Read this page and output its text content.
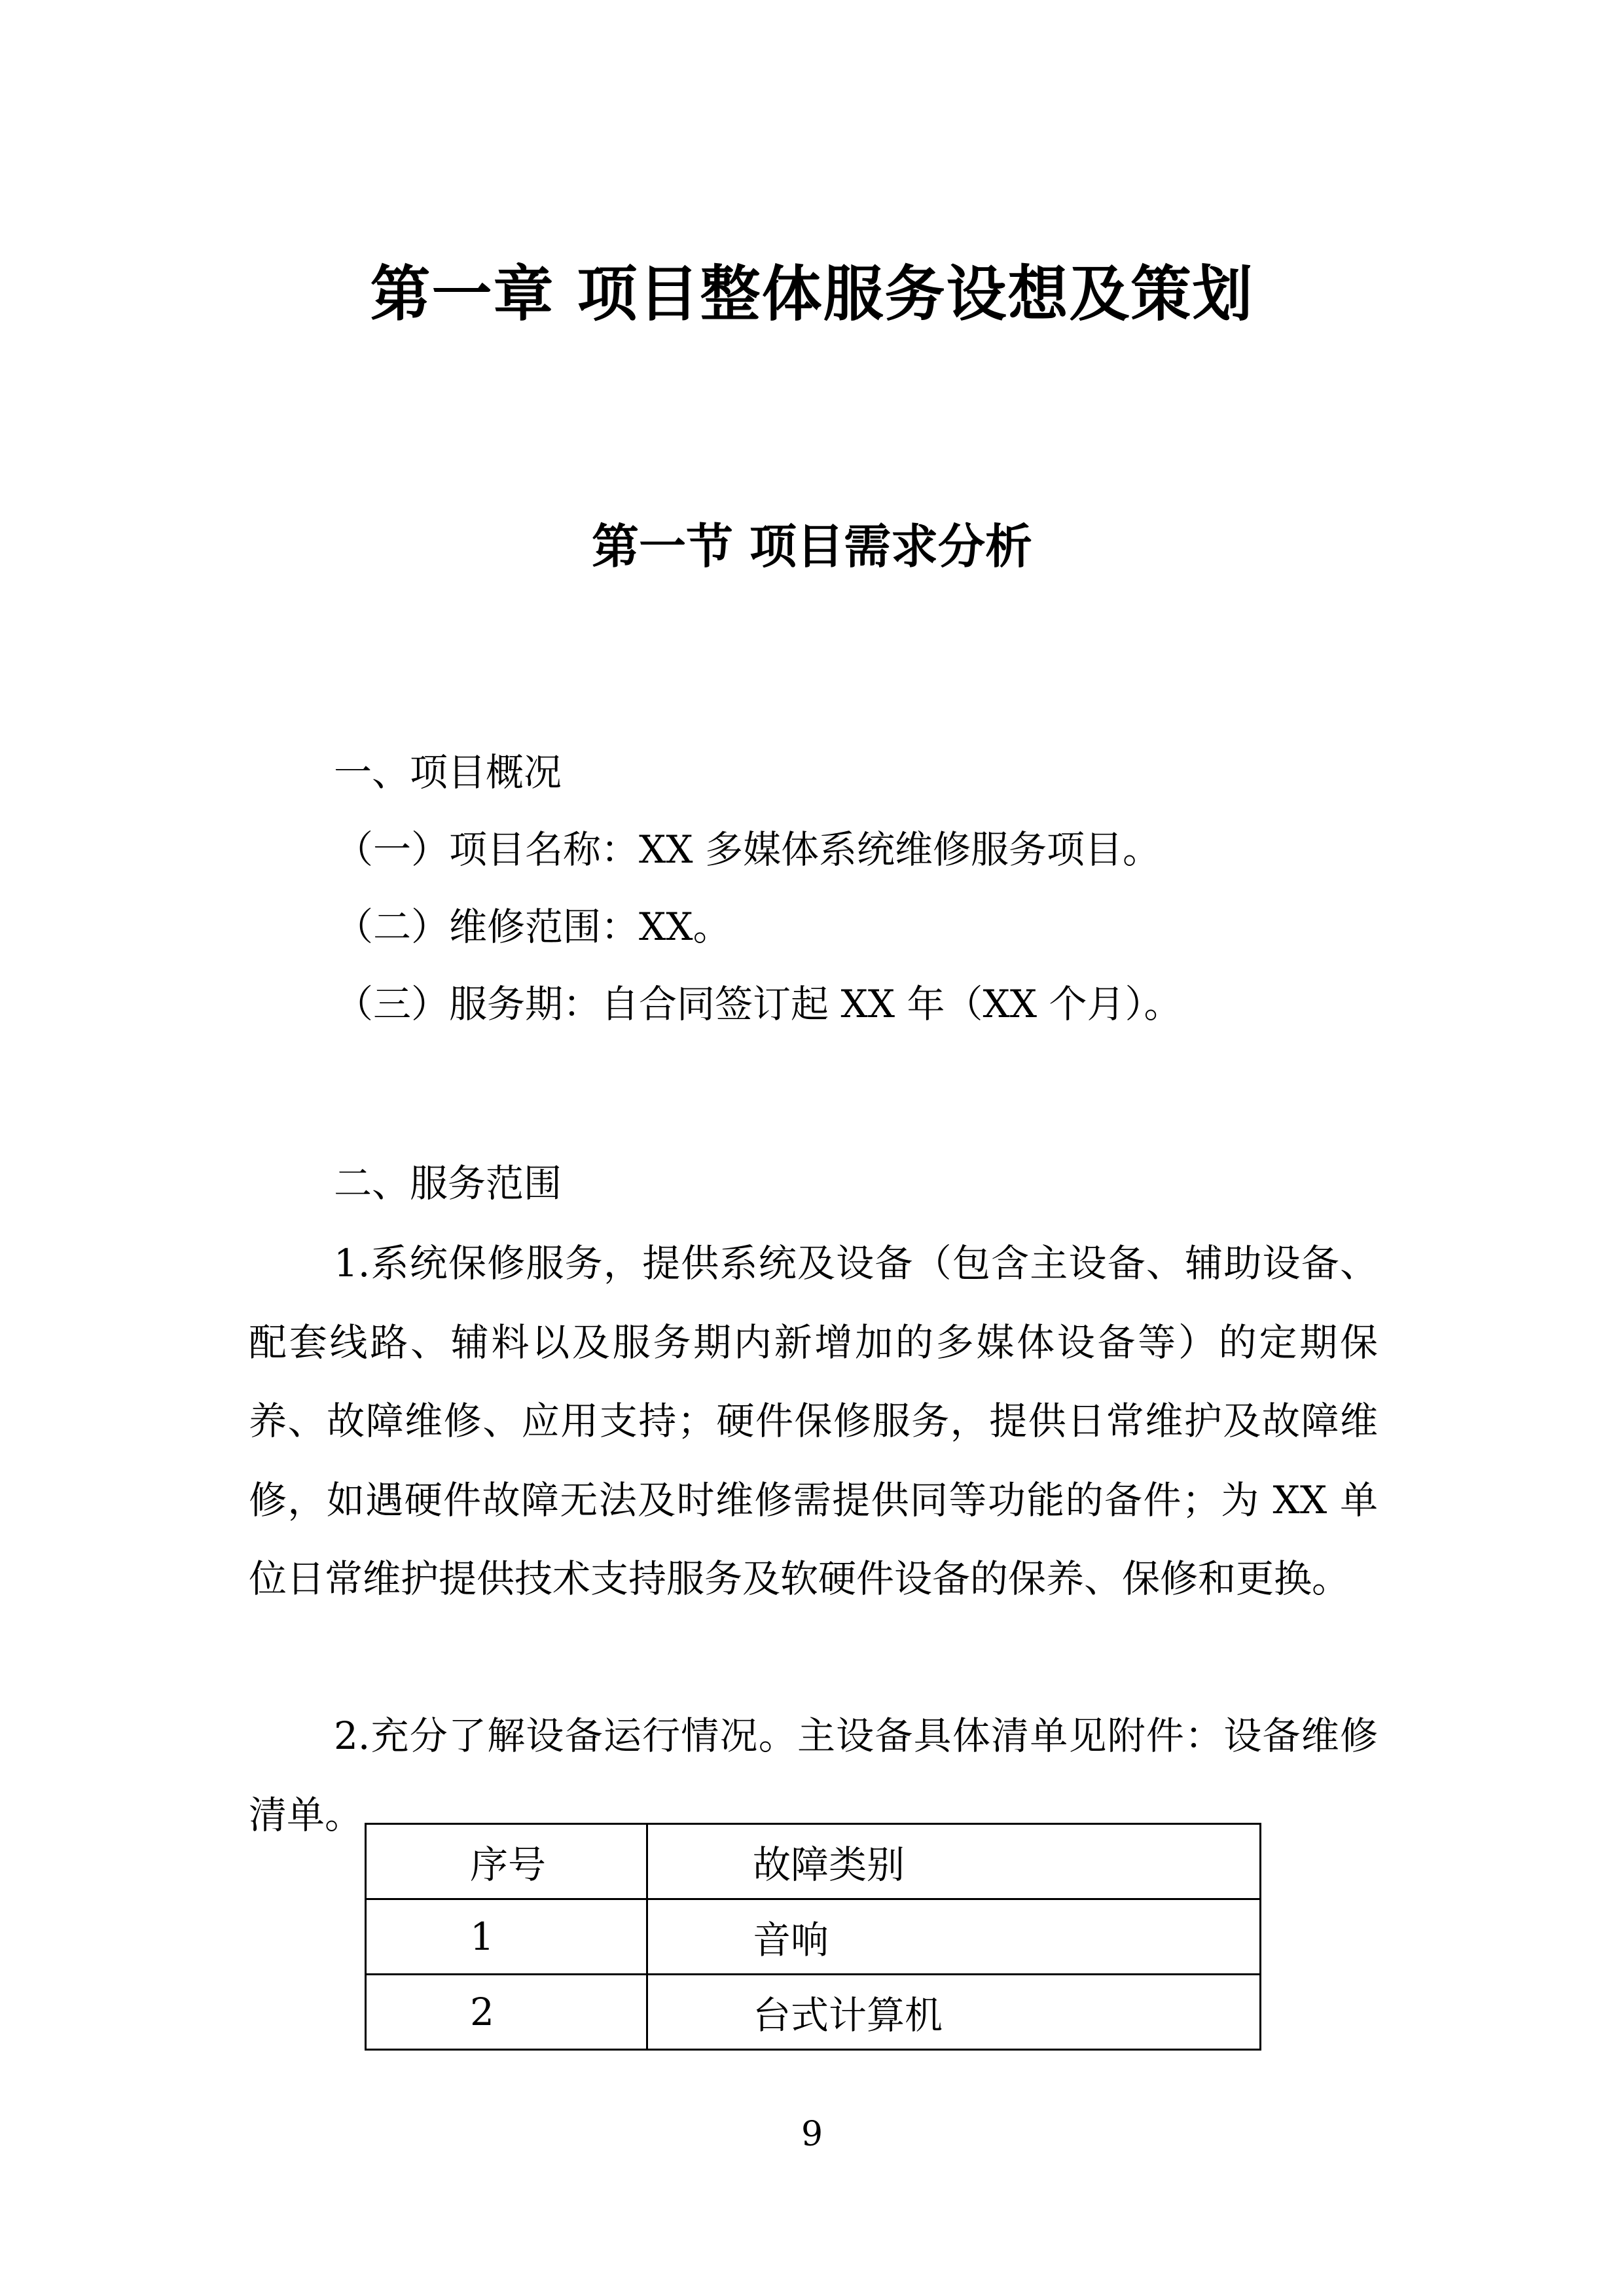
第一章 项目整体服务设想及策划
第一节 项目需求分析

一、项目概况

（一）项目名称：XX 多媒体系统维修服务项目。

（二）维修范围：XX。

（三）服务期：自合同签订起 XX 年（XX 个月）。

二、服务范围

1.系统保修服务，提供系统及设备（包含主设备、辅助设备、配套线路、辅料以及服务期内新增加的多媒体设备等）的定期保养、故障维修、应用支持；硬件保修服务，提供日常维护及故障维修，如遇硬件故障无法及时维修需提供同等功能的备件；为 XX 单位日常维护提供技术支持服务及软硬件设备的保养、保修和更换。

2.充分了解设备运行情况。主设备具体清单见附件：设备维修清单。

序号	故障类别
1	音响
2	台式计算机

9
